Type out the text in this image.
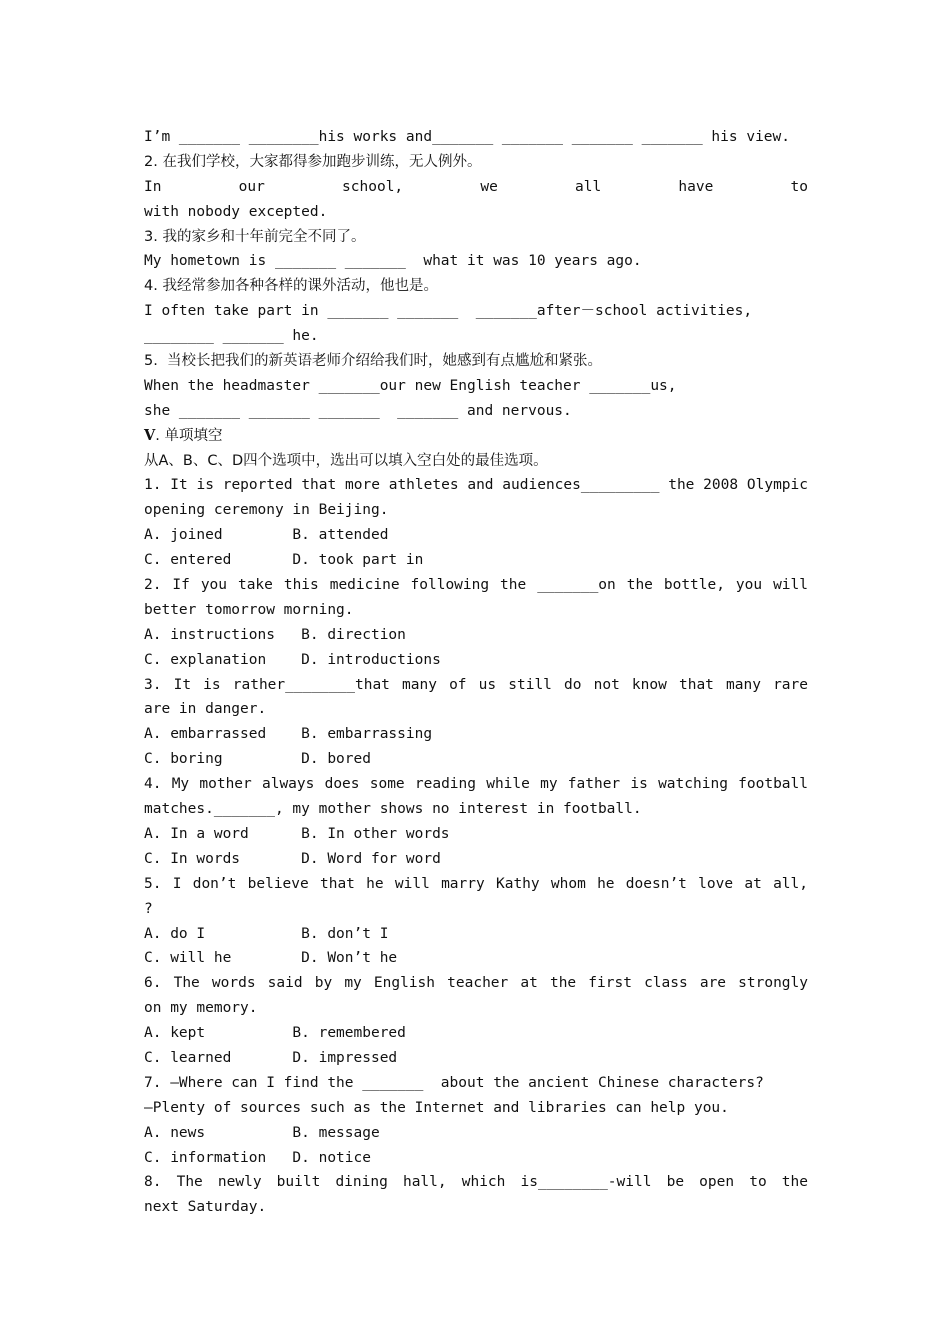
I’m _______ ________his works and_______ _______ _______ _______ his view.
2. 在我们学校，大家都得参加跑步训练，无人例外。
In our school, we all have to
with nobody excepted.
3. 我的家乡和十年前完全不同了。
My hometown is _______ _______  what it was 10 years ago.
4. 我经常参加各种各样的课外活动，他也是。
I often take part in _______ _______  _______after－school activities,
________ _______ he.
5.  当校长把我们的新英语老师介绍给我们时，她感到有点尴尬和紧张。
When the headmaster _______our new English teacher _______us,
she _______ _______ _______  _______ and nervous.
Ⅴ. 单项填空
从A、B、C、D四个选项中，选出可以填入空白处的最佳选项。
1. It is reported that more athletes and audiences_________ the 2008 Olympic
opening ceremony in Beijing.
A. joined        B. attended
C. entered       D. took part in
2. If you take this medicine following the _______on the bottle, you will
better tomorrow morning.
A. instructions   B. direction
C. explanation    D. introductions
3. It is rather________that many of us still do not know that many rare
are in danger.
A. embarrassed    B. embarrassing
C. boring         D. bored
4. My mother always does some reading while my father is watching football
matches._______, my mother shows no interest in football.
A. In a word      B. In other words
C. In words       D. Word for word
5. I don’t believe that he will marry Kathy whom he doesn’t love at all,
?
A. do I           B. don’t I
C. will he        D. Won’t he
6. The words said by my English teacher at the first class are strongly
on my memory.
A. kept          B. remembered
C. learned       D. impressed
7. —Where can I find the _______  about the ancient Chinese characters?
—Plenty of sources such as the Internet and libraries can help you.
A. news          B. message
C. information   D. notice
8. The newly built dining hall, which is________-will be open to the
next Saturday.
